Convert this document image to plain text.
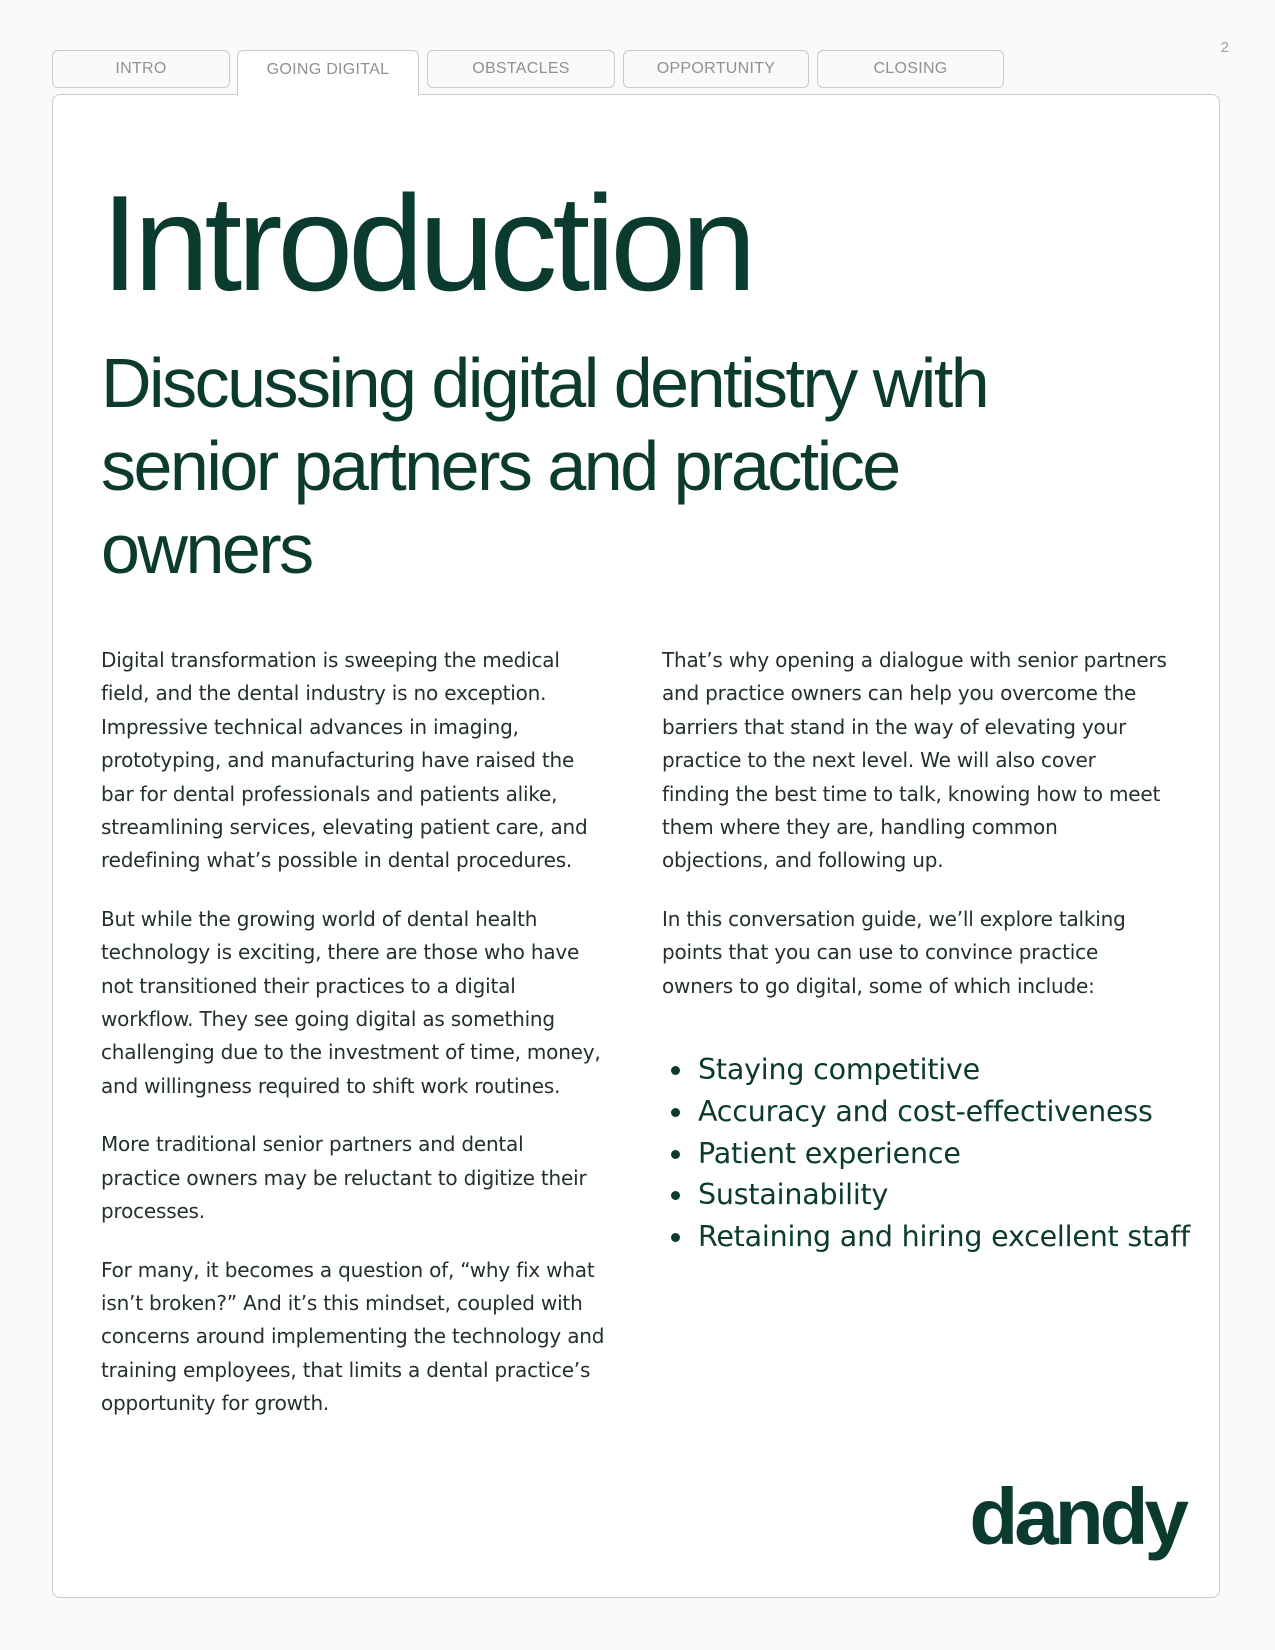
2
INTRO	GOING DIGITAL	OBSTACLES	OPPORTUNITY	CLOSING
Introduction
Discussing digital dentistry with senior partners and practice owners

Digital transformation is sweeping the medical field, and the dental industry is no exception. Impressive technical advances in imaging, prototyping, and manufacturing have raised the bar for dental professionals and patients alike, streamlining services, elevating patient care, and redefining what’s possible in dental procedures.

But while the growing world of dental health technology is exciting, there are those who have not transitioned their practices to a digital workflow. They see going digital as something challenging due to the investment of time, money, and willingness required to shift work routines.

More traditional senior partners and dental practice owners may be reluctant to digitize their processes.

For many, it becomes a question of, “why fix what isn’t broken?” And it’s this mindset, coupled with concerns around implementing the technology and training employees, that limits a dental practice’s opportunity for growth.

That’s why opening a dialogue with senior partners and practice owners can help you overcome the barriers that stand in the way of elevating your practice to the next level. We will also cover finding the best time to talk, knowing how to meet them where they are, handling common objections, and following up.

In this conversation guide, we’ll explore talking points that you can use to convince practice owners to go digital, some of which include:

Staying competitive
Accuracy and cost-effectiveness
Patient experience
Sustainability
Retaining and hiring excellent staff
dandy
